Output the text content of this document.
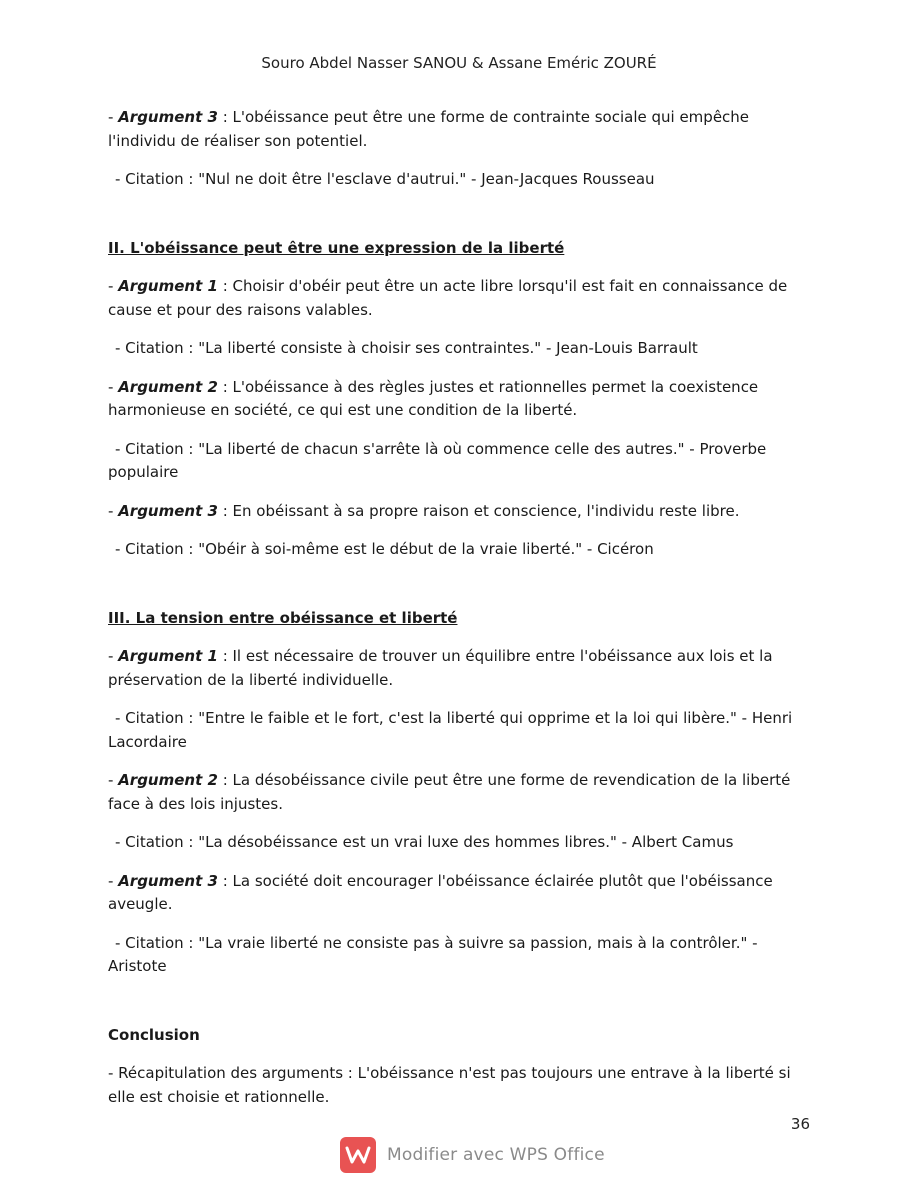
Souro Abdel Nasser SANOU & Assane Eméric ZOURÉ

- Argument 3 : L'obéissance peut être une forme de contrainte sociale qui empêche l'individu de réaliser son potentiel.

- Citation : "Nul ne doit être l'esclave d'autrui." - Jean-Jacques Rousseau

II. L'obéissance peut être une expression de la liberté

- Argument 1 : Choisir d'obéir peut être un acte libre lorsqu'il est fait en connaissance de cause et pour des raisons valables.

- Citation : "La liberté consiste à choisir ses contraintes." - Jean-Louis Barrault

- Argument 2 : L'obéissance à des règles justes et rationnelles permet la coexistence harmonieuse en société, ce qui est une condition de la liberté.

- Citation : "La liberté de chacun s'arrête là où commence celle des autres." - Proverbe populaire

- Argument 3 : En obéissant à sa propre raison et conscience, l'individu reste libre.

- Citation : "Obéir à soi-même est le début de la vraie liberté." - Cicéron

III. La tension entre obéissance et liberté

- Argument 1 : Il est nécessaire de trouver un équilibre entre l'obéissance aux lois et la préservation de la liberté individuelle.

- Citation : "Entre le faible et le fort, c'est la liberté qui opprime et la loi qui libère." - Henri Lacordaire

- Argument 2 : La désobéissance civile peut être une forme de revendication de la liberté face à des lois injustes.

- Citation : "La désobéissance est un vrai luxe des hommes libres." - Albert Camus

- Argument 3 : La société doit encourager l'obéissance éclairée plutôt que l'obéissance aveugle.

- Citation : "La vraie liberté ne consiste pas à suivre sa passion, mais à la contrôler." - Aristote

Conclusion

- Récapitulation des arguments : L'obéissance n'est pas toujours une entrave à la liberté si elle est choisie et rationnelle.

36
Modifier avec WPS Office
